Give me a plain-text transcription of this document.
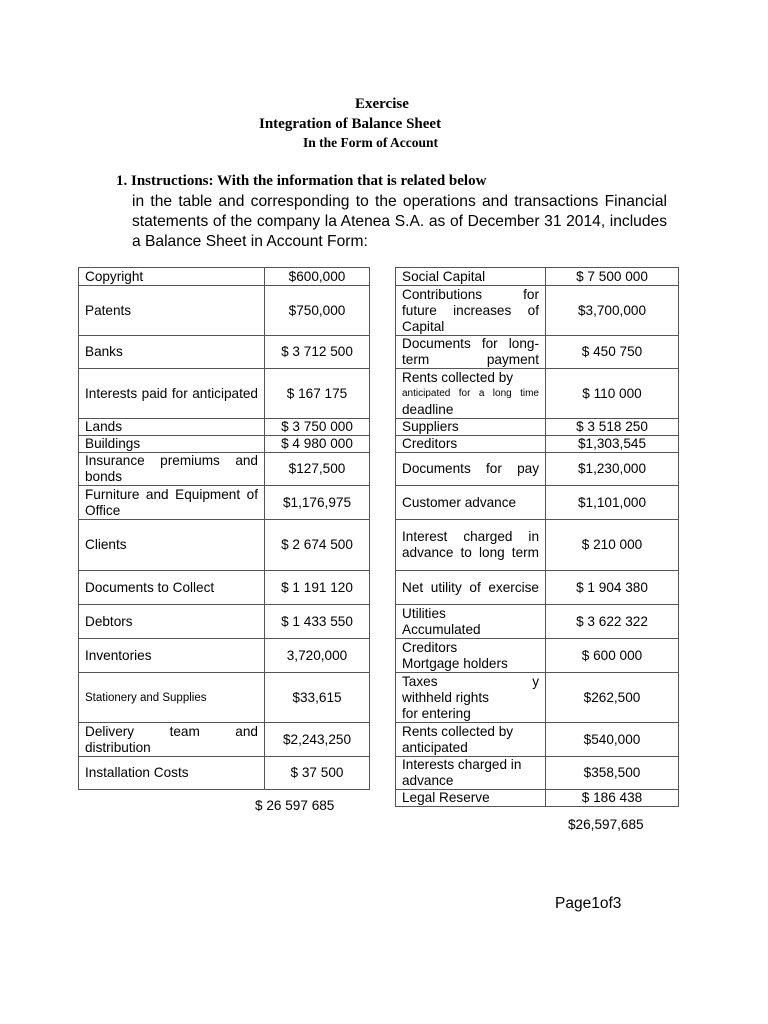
Exercise
Integration of Balance Sheet
In the Form of Account
1. Instructions: With the information that is related below
in the table and corresponding to the operations and transactions Financial statements of the company la Atenea S.A. as of December 31 2014, includes a Balance Sheet in Account Form:
Copyright	$600,000
Patents	$750,000
Banks	$ 3 712 500
Interests paid for anticipated	$ 167 175
Lands	$ 3 750 000
Buildings	$ 4 980 000
Insurance premiums and bonds	$127,500
Furniture and Equipment of Office	$1,176,975
Clients	$ 2 674 500
Documents to Collect	$ 1 191 120
Debtors	$ 1 433 550
Inventories	3,720,000
Stationery and Supplies	$33,615
Delivery team and distribution	$2,243,250
Installation Costs	$ 37 500
$ 26 597 685
Social Capital	$ 7 500 000
Contributions for future increases of Capital	$3,700,000
Documents for long-term payment	$ 450 750

Rents collected by
anticipated for a long time
deadline	$ 110 000
Suppliers	$ 3 518 250
Creditors	$1,303,545
Documents for pay	$1,230,000
Customer advance	$1,101,000
Interest charged in advance to long term	$ 210 000
Net utility of exercise	$ 1 904 380

Utilities
Accumulated	$ 3 622 322

Creditors
Mortgage holders	$ 600 000

Taxes y
withheld rights
for entering	$262,500
Rents collected by anticipated	$540,000
Interests charged in advance	$358,500
Legal Reserve	$ 186 438
$26,597,685
Page1of3
